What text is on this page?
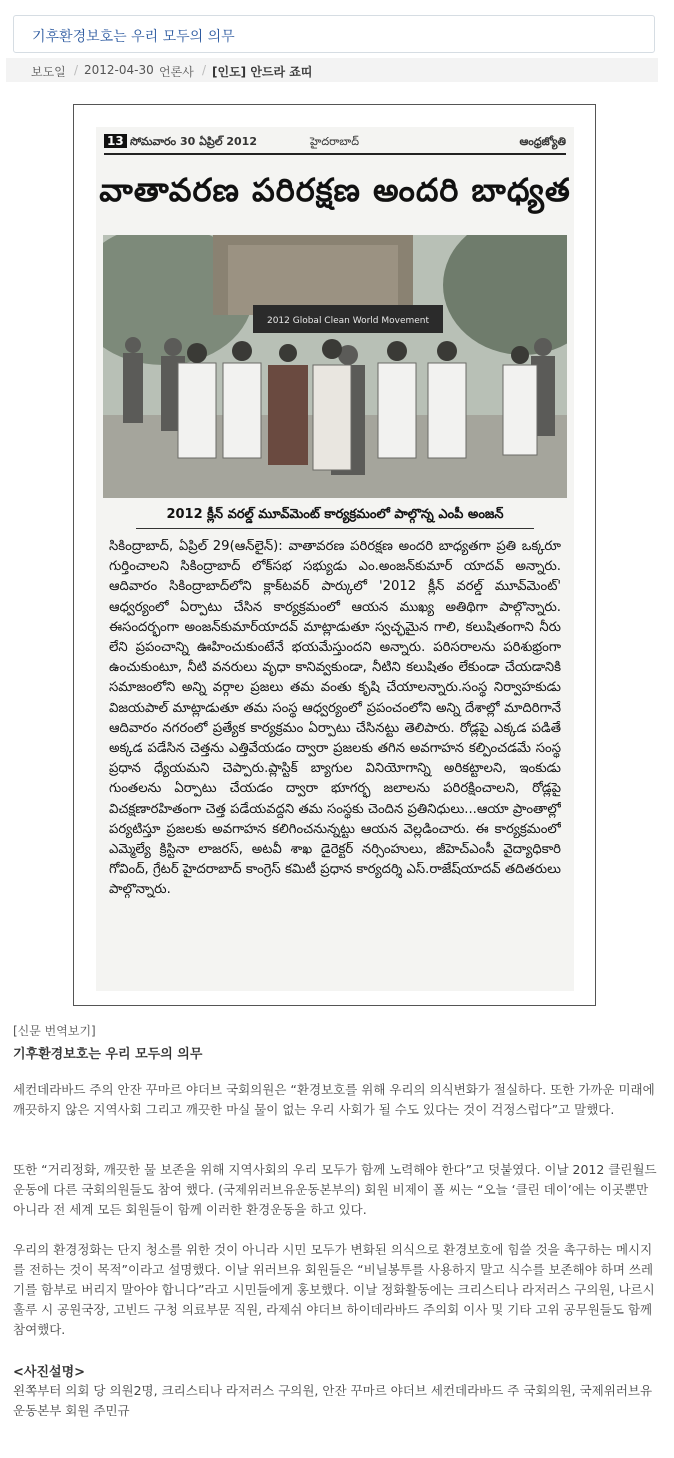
기후환경보호는 우리 모두의 의무
보도일 / 2012-04-30 언론사 / [인도] 안드라 죠띠
13 సోమవారం 30 ఏప్రిల్ 2012	హైదరాబాద్	ఆంధ్రజ్యోతి
వాతావరణ పరిరక్షణ అందరి బాధ్యత
2012 Global Clean World Movement
2012 క్లీన్ వరల్డ్ మూవ్‌మెంట్ కార్యక్రమంలో పాల్గొన్న ఎంపీ అంజన్
సికింద్రాబాద్, ఏప్రిల్ 29(ఆన్‌లైన్): వాతావరణ పరిరక్షణ అందరి బాధ్యతగా ప్రతి ఒక్కరూ గుర్తించాలని సికింద్రాబాద్ లోక్‌సభ సభ్యుడు ఎం.అంజన్‌కుమార్ యాదవ్ అన్నారు. ఆదివారం సికింద్రాబాద్‌లోని క్లాక్‌టవర్ పార్కులో '2012 క్లీన్ వరల్డ్ మూవ్‌మెంట్' ఆధ్వర్యంలో ఏర్పాటు చేసిన కార్యక్రమంలో ఆయన ముఖ్య అతిథిగా పాల్గొన్నారు. ఈసందర్భంగా అంజన్‌కుమార్‌యాదవ్ మాట్లాడుతూ స్వచ్ఛమైన గాలి, కలుషితంగాని నీరు లేని ప్రపంచాన్ని ఊహించుకుంటేనే భయమేస్తుందని అన్నారు. పరిసరాలను పరిశుభ్రంగా ఉంచుకుంటూ, నీటి వనరులు వృధా కానివ్వకుండా, నీటిని కలుషితం లేకుండా చేయడానికి సమాజంలోని అన్ని వర్గాల ప్రజలు తమ వంతు కృషి చేయాలన్నారు.సంస్థ నిర్వాహకుడు విజయపాల్ మాట్లాడుతూ తమ సంస్థ ఆధ్వర్యంలో ప్రపంచంలోని అన్ని దేశాల్లో మాదిరిగానే ఆదివారం నగరంలో ప్రత్యేక కార్యక్రమం ఏర్పాటు చేసినట్టు తెలిపారు. రోడ్లపై ఎక్కడ పడితే అక్కడ పడేసిన చెత్తను ఎత్తివేయడం ద్వారా ప్రజలకు తగిన అవగాహన కల్పించడమే సంస్థ ప్రధాన ధ్యేయమని చెప్పారు.ప్లాస్టిక్ బ్యాగుల వినియోగాన్ని అరికట్టాలని, ఇంకుడు గుంతలను ఏర్పాటు చేయడం ద్వారా భూగర్భ జలాలను పరిరక్షించాలని, రోడ్లపై విచక్షణారహితంగా చెత్త పడేయవద్దని తమ సంస్థకు చెందిన ప్రతినిధులు...ఆయా ప్రాంతాల్లో పర్యటిస్తూ ప్రజలకు అవగాహన కలిగించనున్నట్టు ఆయన వెల్లడించారు. ఈ కార్యక్రమంలో ఎమ్మెల్యే క్రిస్టినా లాజరస్, అటవీ శాఖ డైరెక్టర్ నర్సింహులు, జీహెచ్ఎంసీ వైద్యాధికారి గోవింద్, గ్రేటర్ హైదరాబాద్ కాంగ్రెస్ కమిటీ ప్రధాన కార్యదర్శి ఎస్.రాజేష్‌యాదవ్ తదితరులు పాల్గొన్నారు.
[신문 번역보기]
기후환경보호는 우리 모두의 의무
세컨데라바드 주의 안잔 꾸마르 야더브 국회의원은 “환경보호를 위해 우리의 의식변화가 절실하다. 또한 가까운 미래에 깨끗하지 않은 지역사회 그리고 깨끗한 마실 물이 없는 우리 사회가 될 수도 있다는 것이 걱정스럽다”고 말했다.
또한 “거리정화, 깨끗한 물 보존을 위해 지역사회의 우리 모두가 함께 노력해야 한다”고 덧붙였다. 이날 2012 클린월드운동에 다른 국회의원들도 참여 했다. (국제위러브유운동본부의) 회원 비제이 폴 씨는 “오늘 ‘클린 데이’에는 이곳뿐만 아니라 전 세계 모든 회원들이 함께 이러한 환경운동을 하고 있다.
우리의 환경정화는 단지 청소를 위한 것이 아니라 시민 모두가 변화된 의식으로 환경보호에 힘쓸 것을 촉구하는 메시지를 전하는 것이 목적”이라고 설명했다. 이날 위러브유 회원들은 “비닐봉투를 사용하지 말고 식수를 보존해야 하며 쓰레기를 함부로 버리지 말아야 합니다”라고 시민들에게 홍보했다. 이날 정화활동에는 크리스티나 라저러스 구의원, 나르시훌루 시 공원국장, 고빈드 구청 의료부문 직원, 라제쉬 야더브 하이데라바드 주의회 이사 및 기타 고위 공무원들도 함께 참여했다.
<사진설명>
왼쪽부터 의회 당 의원2명, 크리스티나 라저러스 구의원, 안잔 꾸마르 야더브 세컨데라바드 주 국회의원, 국제위러브유운동본부 회원 주민규
